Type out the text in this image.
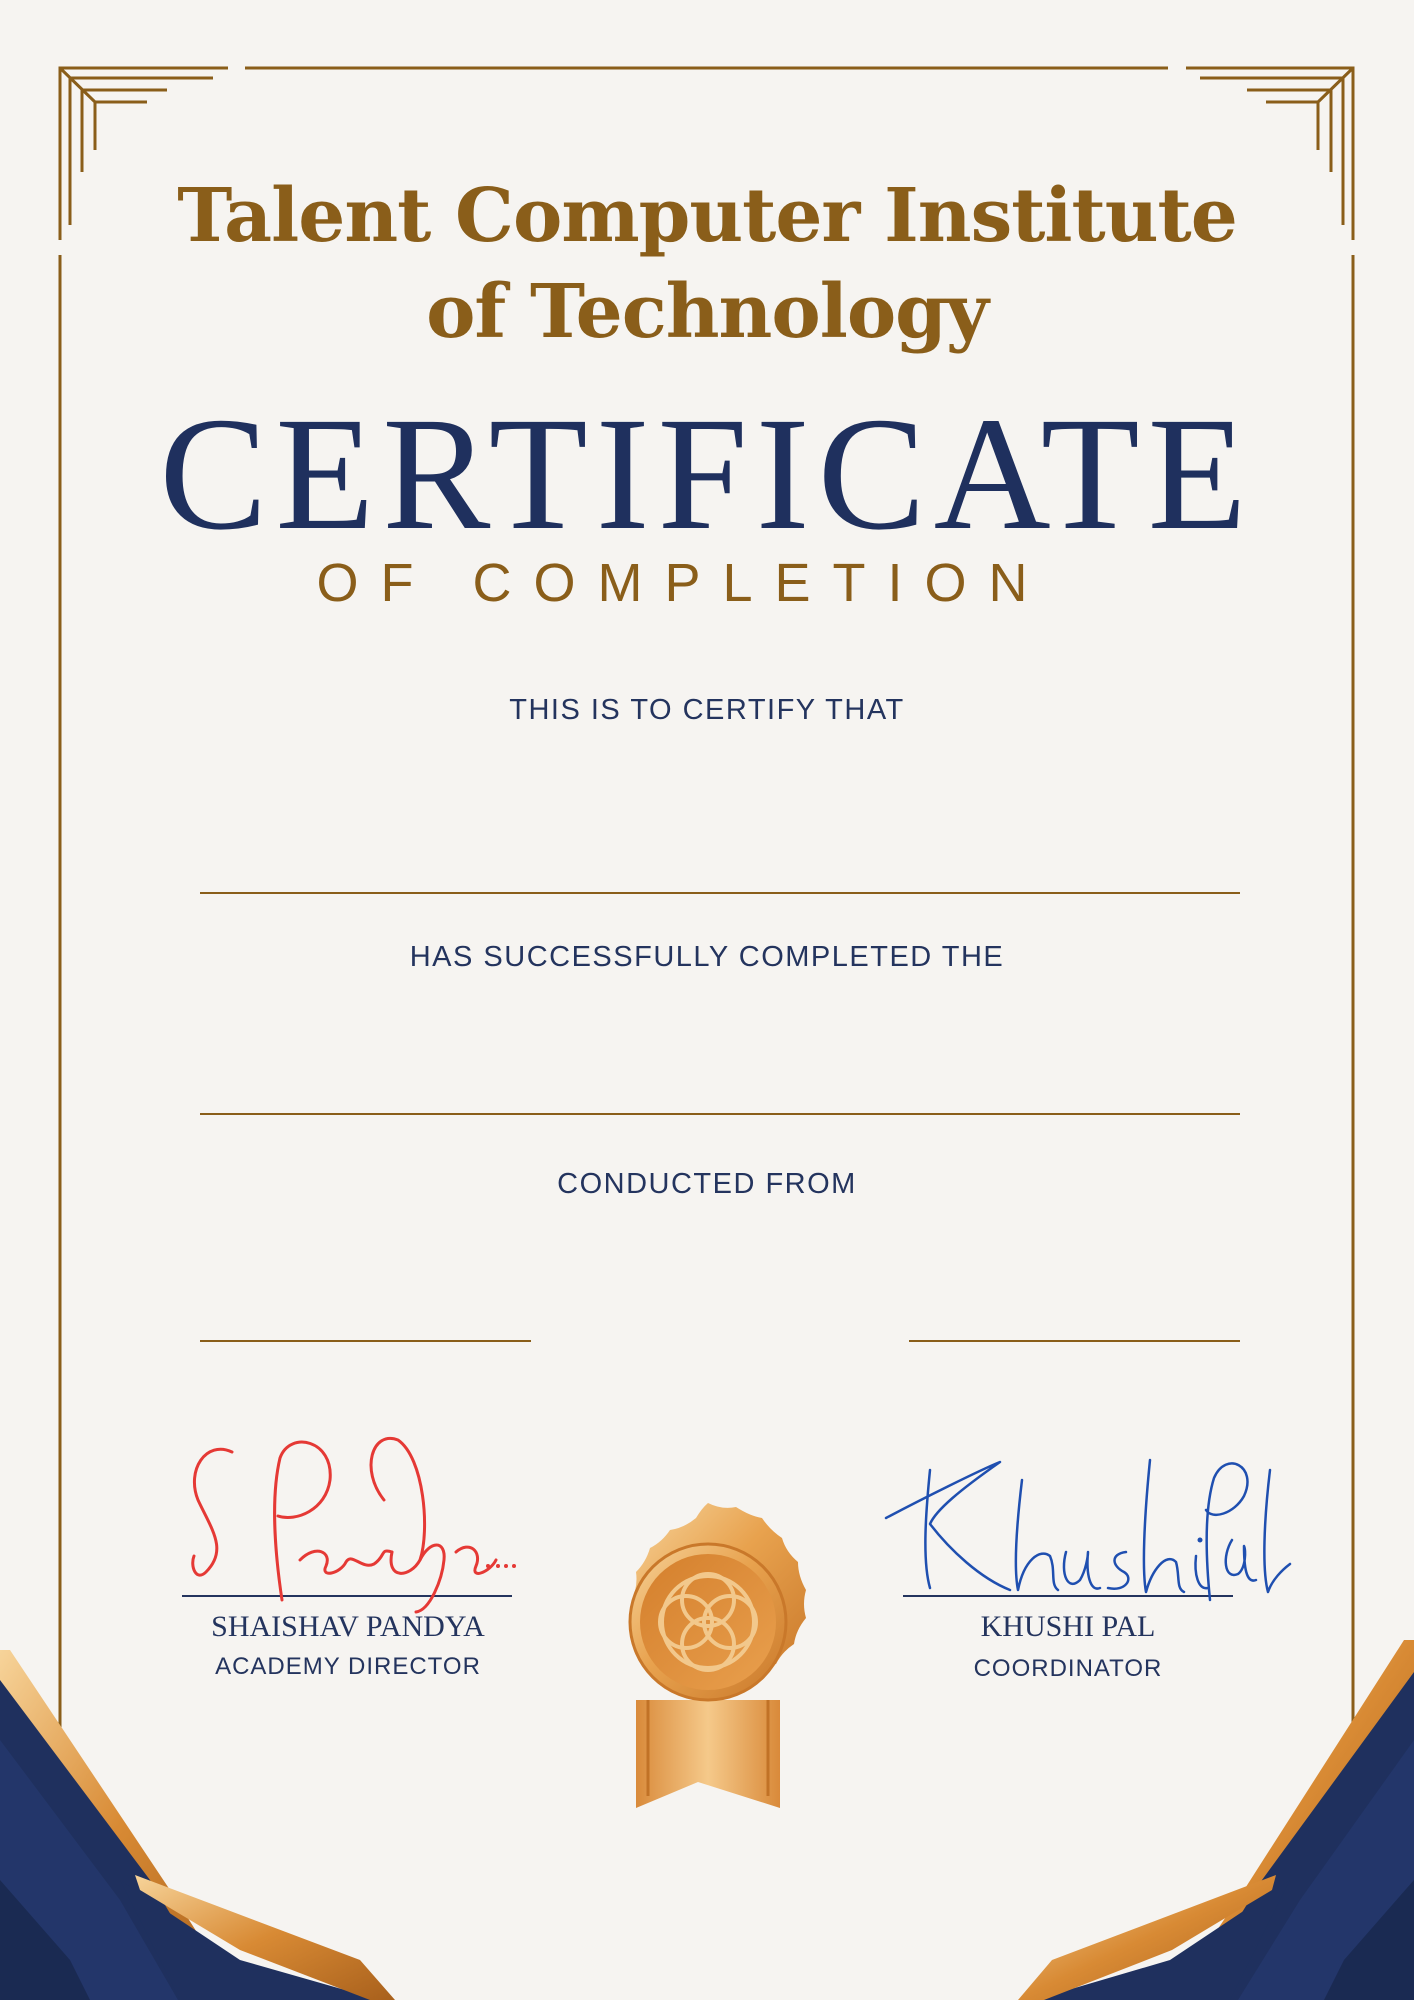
Talent Computer Institute
of Technology
CERTIFICATE
OF COMPLETION
THIS IS TO CERTIFY THAT
HAS SUCCESSFULLY COMPLETED THE
CONDUCTED FROM
SHAISHAV PANDYA
ACADEMY DIRECTOR
KHUSHI PAL
COORDINATOR
